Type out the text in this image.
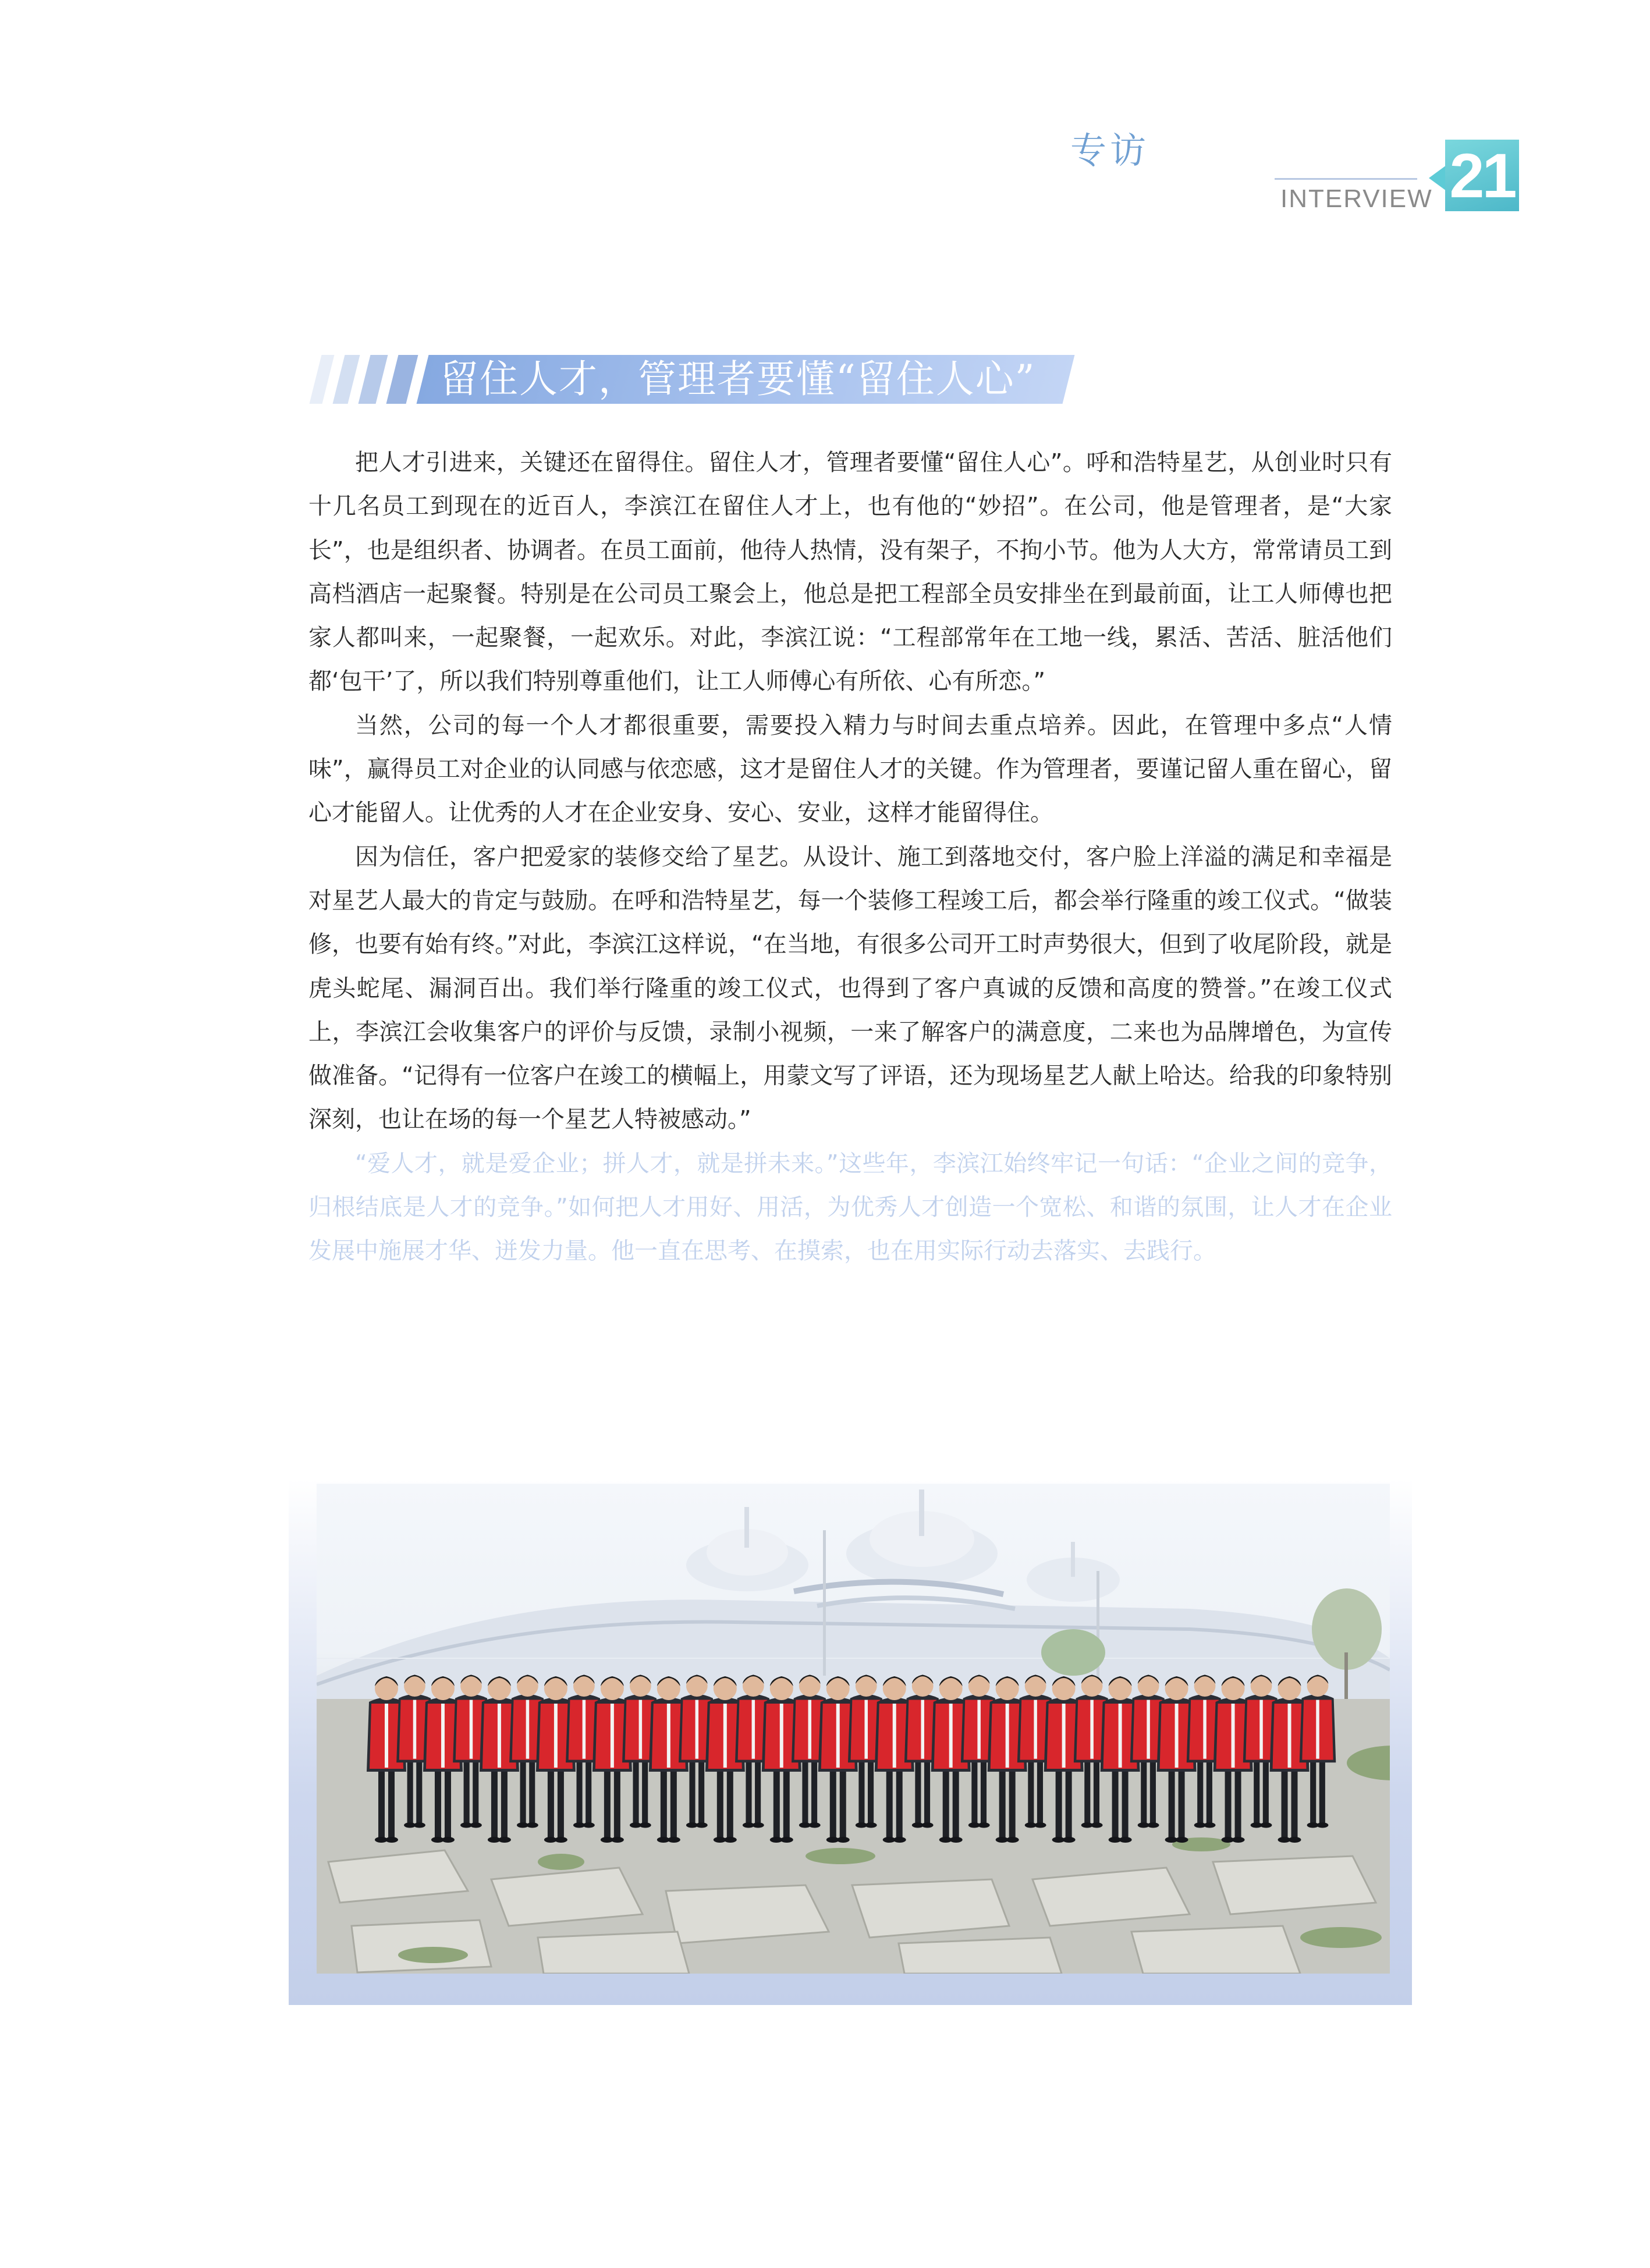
专访
INTERVIEW 21
留住人才，管理者要懂“留住人心”

把人才引进来，关键还在留得住。留住人才，管理者要懂“留住人心”。呼和浩特星艺，从创业时只有十几名员工到现在的近百人，李滨江在留住人才上，也有他的“妙招”。在公司，他是管理者，是“大家长”，也是组织者、协调者。在员工面前，他待人热情，没有架子，不拘小节。他为人大方，常常请员工到高档酒店一起聚餐。特别是在公司员工聚会上，他总是把工程部全员安排坐在到最前面，让工人师傅也把家人都叫来，一起聚餐，一起欢乐。对此，李滨江说：“工程部常年在工地一线，累活、苦活、脏活他们都‘包干’了，所以我们特别尊重他们，让工人师傅心有所依、心有所恋。”

当然，公司的每一个人才都很重要，需要投入精力与时间去重点培养。因此，在管理中多点“人情味”，赢得员工对企业的认同感与依恋感，这才是留住人才的关键。作为管理者，要谨记留人重在留心，留心才能留人。让优秀的人才在企业安身、安心、安业，这样才能留得住。

因为信任，客户把爱家的装修交给了星艺。从设计、施工到落地交付，客户脸上洋溢的满足和幸福是对星艺人最大的肯定与鼓励。在呼和浩特星艺，每一个装修工程竣工后，都会举行隆重的竣工仪式。“做装修，也要有始有终。”对此，李滨江这样说，“在当地，有很多公司开工时声势很大，但到了收尾阶段，就是虎头蛇尾、漏洞百出。我们举行隆重的竣工仪式，也得到了客户真诚的反馈和高度的赞誉。”在竣工仪式上，李滨江会收集客户的评价与反馈，录制小视频，一来了解客户的满意度，二来也为品牌增色，为宣传做准备。“记得有一位客户在竣工的横幅上，用蒙文写了评语，还为现场星艺人献上哈达。给我的印象特别深刻，也让在场的每一个星艺人特被感动。”

“爱人才，就是爱企业；拼人才，就是拼未来。”这些年，李滨江始终牢记一句话：“企业之间的竞争，归根结底是人才的竞争。”如何把人才用好、用活，为优秀人才创造一个宽松、和谐的氛围，让人才在企业发展中施展才华、迸发力量。他一直在思考、在摸索，也在用实际行动去落实、去践行。
